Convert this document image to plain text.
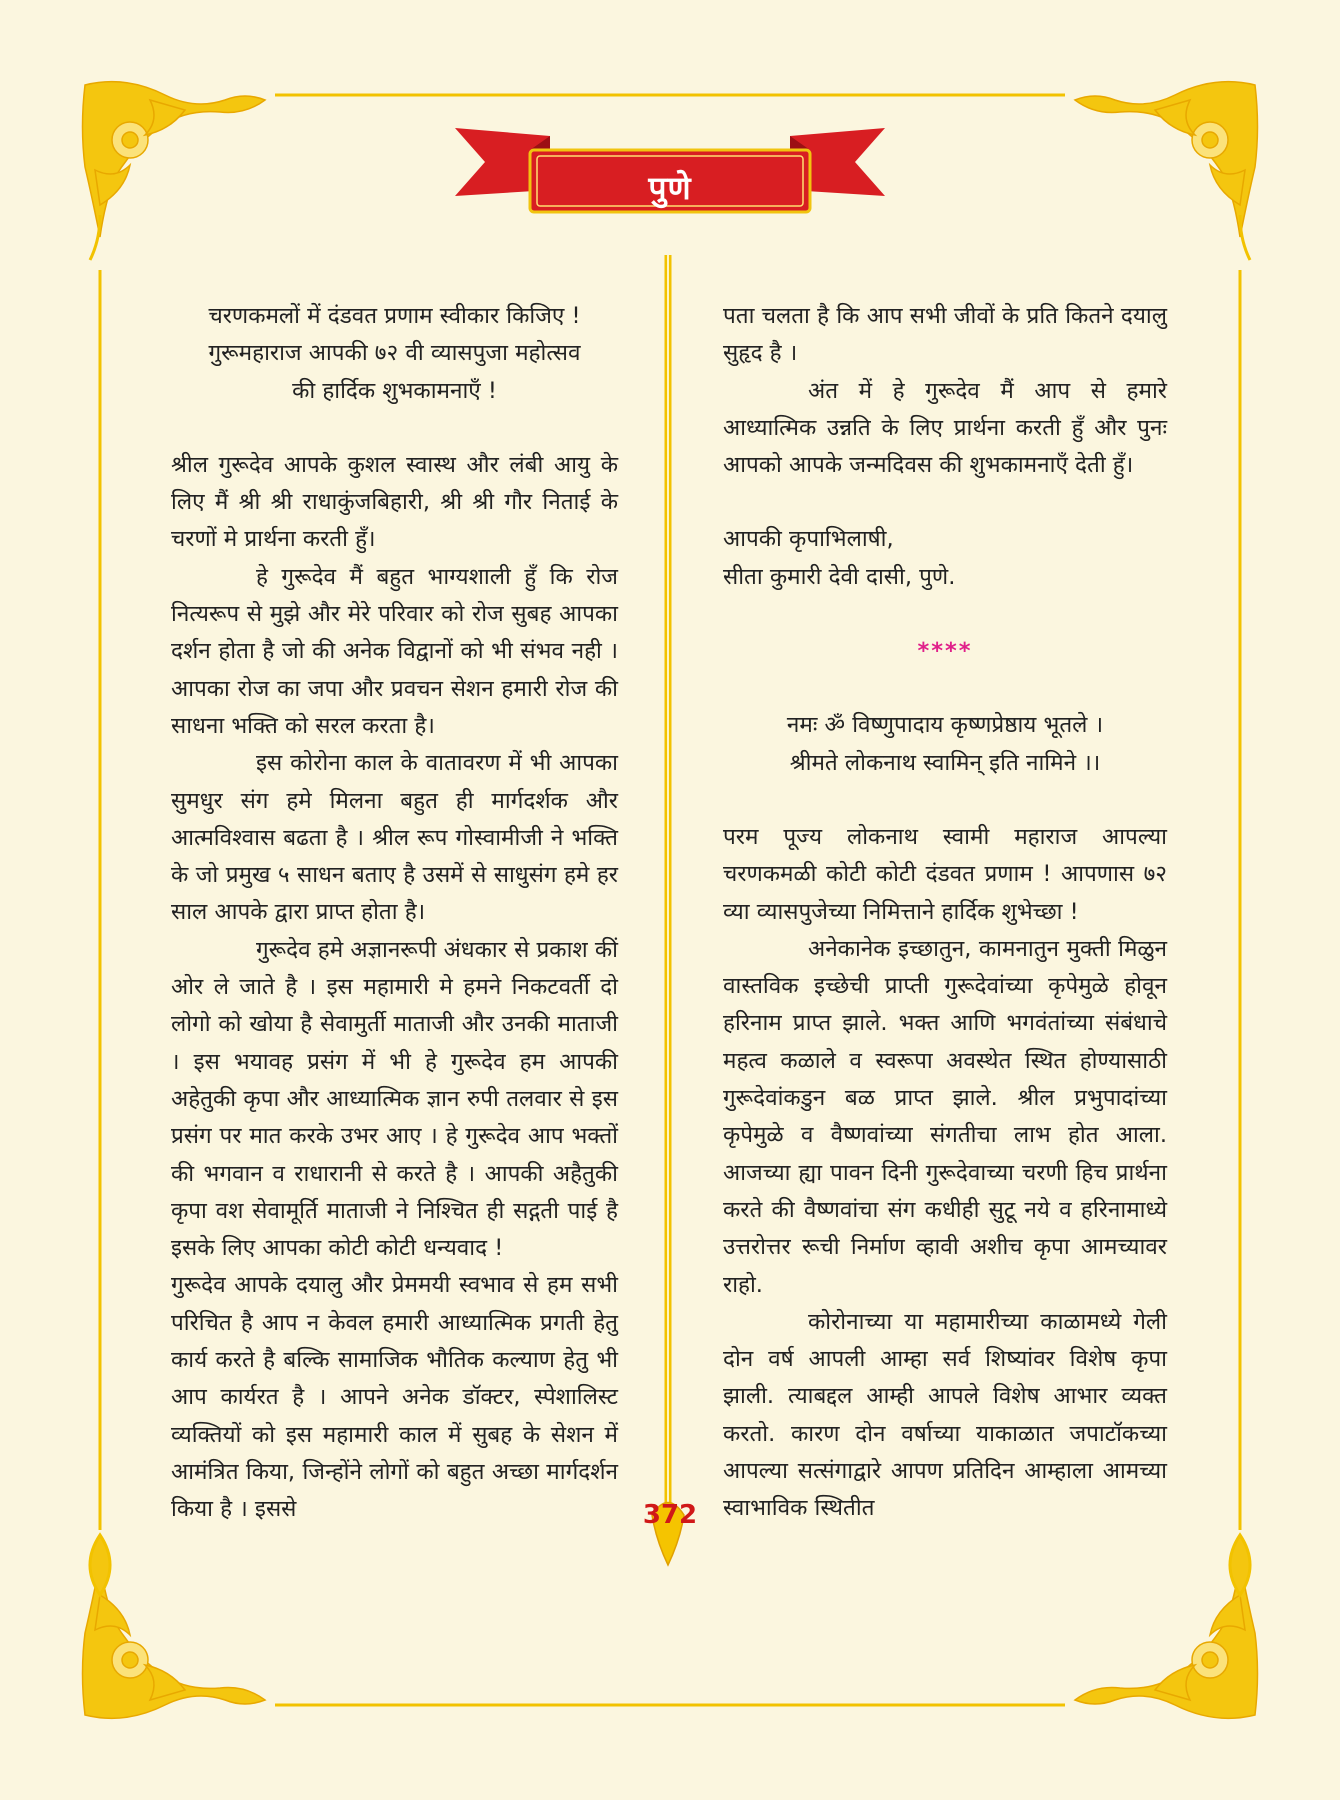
पुणे

चरणकमलों में दंडवत प्रणाम स्वीकार किजिए !

गुरूमहाराज आपकी ७२ वी व्यासपुजा महोत्सव

की हार्दिक शुभकामनाएँ !

श्रील गुरूदेव आपके कुशल स्वास्थ और लंबी आयु के लिए मैं श्री श्री राधाकुंजबिहारी, श्री श्री गौर निताई के चरणों मे प्रार्थना करती हुँ।

हे गुरूदेव मैं बहुत भाग्यशाली हुँ कि रोज नित्यरूप से मुझे और मेरे परिवार को रोज सुबह आपका दर्शन होता है जो की अनेक विद्वानों को भी संभव नही । आपका रोज का जपा और प्रवचन सेशन हमारी रोज की साधना भक्ति को सरल करता है।

इस कोरोना काल के वातावरण में भी आपका सुमधुर संग हमे मिलना बहुत ही मार्गदर्शक और आत्मविश्वास बढता है । श्रील रूप गोस्वामीजी ने भक्ति के जो प्रमुख ५ साधन बताए है उसमें से साधुसंग हमे हर साल आपके द्वारा प्राप्त होता है।

गुरूदेव हमे अज्ञानरूपी अंधकार से प्रकाश कीं ओर ले जाते है । इस महामारी मे हमने निकटवर्ती दो लोगो को खोया है सेवामुर्ती माताजी और उनकी माताजी । इस भयावह प्रसंग में भी हे गुरूदेव हम आपकी अहेतुकी कृपा और आध्यात्मिक ज्ञान रुपी तलवार से इस प्रसंग पर मात करके उभर आए । हे गुरूदेव आप भक्तों की भगवान व राधारानी से करते है । आपकी अहैतुकी कृपा वश सेवामूर्ति माताजी ने निश्चित ही सद्गती पाई है इसके लिए आपका कोटी कोटी धन्यवाद !

गुरूदेव आपके दयालु और प्रेममयी स्वभाव से हम सभी परिचित है आप न केवल हमारी आध्यात्मिक प्रगती हेतु कार्य करते है बल्कि सामाजिक भौतिक कल्याण हेतु भी आप कार्यरत है । आपने अनेक डॉक्टर, स्पेशालिस्ट व्यक्तियों को इस महामारी काल में सुबह के सेशन में आमंत्रित किया, जिन्होंने लोगों को बहुत अच्छा मार्गदर्शन किया है । इससे

पता चलता है कि आप सभी जीवों के प्रति कितने दयालु सुहृद है ।

अंत में हे गुरूदेव मैं आप से हमारे आध्यात्मिक उन्नति के लिए प्रार्थना करती हुँ और पुनः आपको आपके जन्मदिवस की शुभकामनाएँ देती हुँ।

आपकी कृपाभिलाषी,

सीता कुमारी देवी दासी, पुणे.

****

नमः ॐ विष्णुपादाय कृष्णप्रेष्ठाय भूतले ।

श्रीमते लोकनाथ स्वामिन् इति नामिने ।।

परम पूज्य लोकनाथ स्वामी महाराज आपल्या चरणकमळी कोटी कोटी दंडवत प्रणाम ! आपणास ७२ व्या व्यासपुजेच्या निमित्ताने हार्दिक शुभेच्छा !

अनेकानेक इच्छातुन, कामनातुन मुक्ती मिळुन वास्तविक इच्छेची प्राप्ती गुरूदेवांच्या कृपेमुळे होवून हरिनाम प्राप्त झाले. भक्त आणि भगवंतांच्या संबंधाचे महत्व कळाले व स्वरूपा अवस्थेत स्थित होण्यासाठी गुरूदेवांकडुन बळ प्राप्त झाले. श्रील प्रभुपादांच्या कृपेमुळे व वैष्णवांच्या संगतीचा लाभ होत आला. आजच्या ह्या पावन दिनी गुरूदेवाच्या चरणी हिच प्रार्थना करते की वैष्णवांचा संग कधीही सुटू नये व हरिनामाध्ये उत्तरोत्तर रूची निर्माण व्हावी अशीच कृपा आमच्यावर राहो.

कोरोनाच्या या महामारीच्या काळामध्ये गेली दोन वर्ष आपली आम्हा सर्व शिष्यांवर विशेष कृपा झाली. त्याबद्दल आम्ही आपले विशेष आभार व्यक्त करतो. कारण दोन वर्षाच्या याकाळात जपाटॉकच्या आपल्या सत्संगाद्वारे आपण प्रतिदिन आम्हाला आमच्या स्वाभाविक स्थितीत

372
